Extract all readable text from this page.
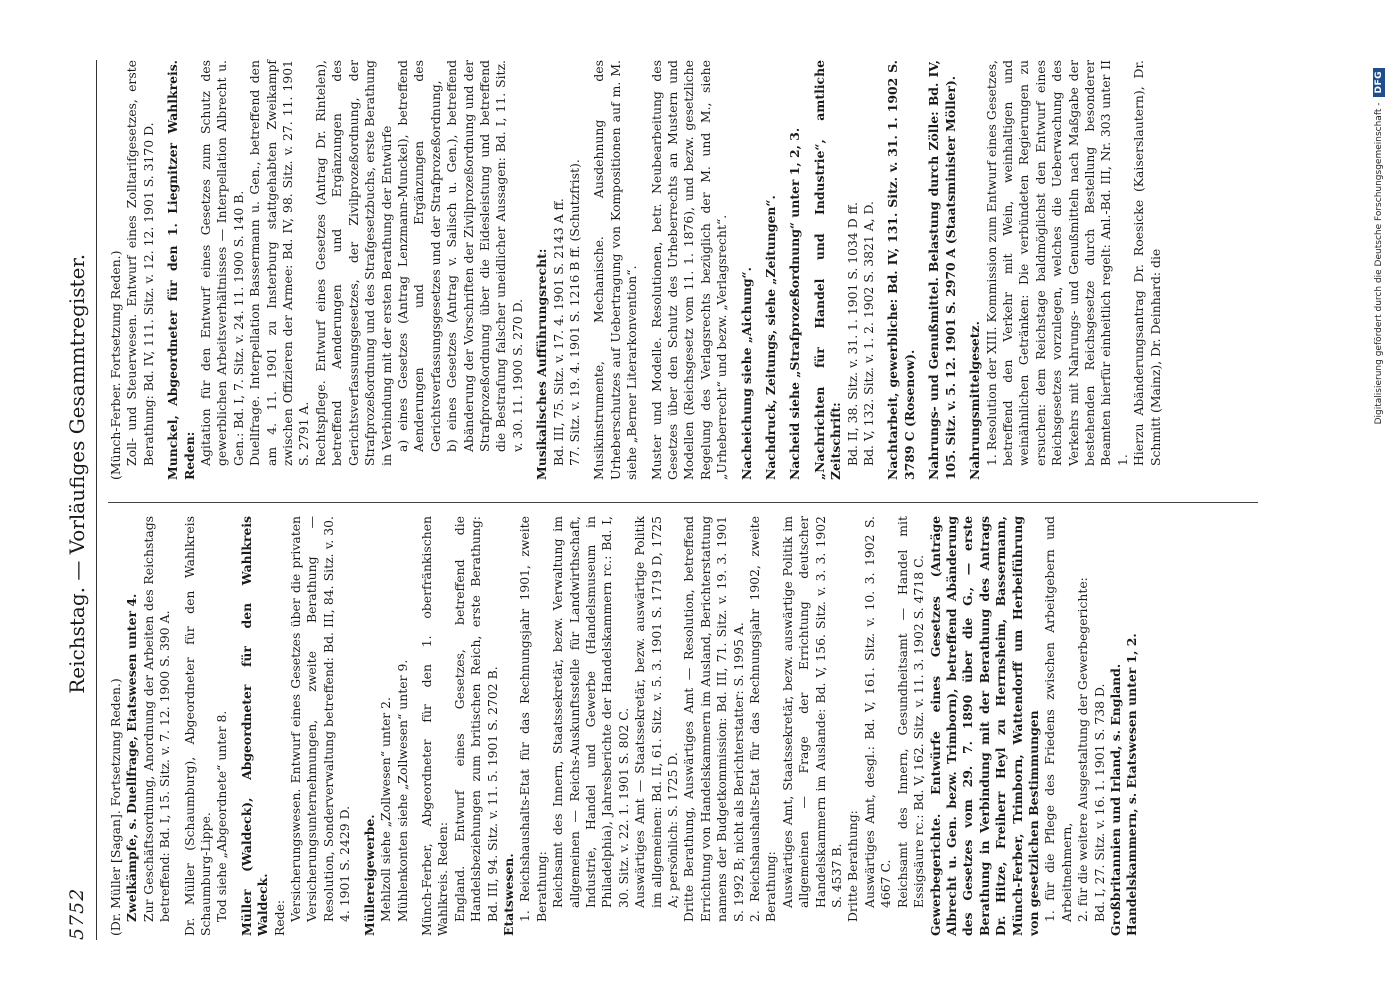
5752
Reichstag. — Vorläufiges Gesammtregister.

(Dr. Müller [Sagan]. Fortsetzung Reden.) Zweikämpfe, s. Duellfrage, Etatswesen unter 4. Zur Geschäftsordnung, Anordnung der Arbeiten des Reichstags betreffend: Bd. I, 15. Sitz. v. 7. 12. 1900 S. 390 A. Dr. Müller (Schaumburg), Abgeordneter für den Wahlkreis Schaumburg-Lippe. Tod siehe „Abgeordnete“ unter 8. Müller (Waldeck), Abgeordneter für den Wahlkreis Waldeck. Rede: Versicherungswesen. Entwurf eines Gesetzes über die privaten Versicherungsunternehmungen, zweite Berathung — Resolution, Sonderverwaltung betreffend: Bd. III, 84. Sitz. v. 30. 4. 1901 S. 2429 D. Müllereigewerbe. Mehlzoll siehe „Zollwesen“ unter 2. Mühlenkonten siehe „Zollwesen“ unter 9. Münch-Ferber, Abgeordneter für den 1. oberfränkischen Wahlkreis. Reden: England. Entwurf eines Gesetzes, betreffend die Handelsbeziehungen zum britischen Reich, erste Berathung: Bd. III, 94. Sitz. v. 11. 5. 1901 S. 2702 B. Etatswesen. 1. Reichshaushalts-Etat für das Rechnungsjahr 1901, zweite Berathung: Reichsamt des Innern, Staatssekretär, bezw. Verwaltung im allgemeinen — Reichs-Auskunftsstelle für Landwirthschaft, Industrie, Handel und Gewerbe (Handelsmuseum in Philadelphia), Jahresberichte der Handelskammern rc.: Bd. I, 30. Sitz. v. 22. 1. 1901 S. 802 C. Auswärtiges Amt — Staatssekretär, bezw. auswärtige Politik im allgemeinen: Bd. II, 61. Sitz. v. 5. 3. 1901 S. 1719 D, 1725 A; persönlich: S. 1725 D. Dritte Berathung, Auswärtiges Amt — Resolution, betreffend Errichtung von Handelskammern im Ausland, Berichterstattung namens der Budgetkommission: Bd. III, 71. Sitz. v. 19. 3. 1901 S. 1992 B; nicht als Berichterstatter: S. 1995 A. 2. Reichshaushalts-Etat für das Rechnungsjahr 1902, zweite Berathung: Auswärtiges Amt, Staatssekretär, bezw. auswärtige Politik im allgemeinen — Frage der Errichtung deutscher Handelskammern im Auslande: Bd. V, 156. Sitz. v. 3. 3. 1902 S. 4537 B. Dritte Berathung: Auswärtiges Amt, desgl.: Bd. V, 161. Sitz. v. 10. 3. 1902 S. 4667 C. Reichsamt des Innern, Gesundheitsamt — Handel mit Essigsäure rc.: Bd. V, 162. Sitz. v. 11. 3. 1902 S. 4718 C. Gewerbegerichte. Entwürfe eines Gesetzes (Anträge Albrecht u. Gen. bezw. Trimborn), betreffend Abänderung des Gesetzes vom 29. 7. 1890 über die G., — erste Berathung in Verbindung mit der Berathung des Antrags Dr. Hitze, Freiherr Heyl zu Herrnsheim, Bassermann, Münch-Ferber, Trimborn, Wattendorff um Herbeiführung von gesetzlichen Bestimmungen 1. für die Pflege des Friedens zwischen Arbeitgebern und Arbeitnehmern, 2. für die weitere Ausgestaltung der Gewerbegerichte: Bd. I, 27. Sitz. v. 16. 1. 1901 S. 738 D. Großbritannien und Irland, s. England. Handelskammern, s. Etatswesen unter 1, 2.

(Münch-Ferber. Fortsetzung Reden.) Zoll- und Steuerwesen. Entwurf eines Zolltarifgesetzes, erste Berathung: Bd. IV, 111. Sitz. v. 12. 12. 1901 S. 3170 D. Munckel, Abgeordneter für den 1. Liegnitzer Wahlkreis. Reden: Agitation für den Entwurf eines Gesetzes zum Schutz des gewerblichen Arbeitsverhältnisses — Interpellation Albrecht u. Gen.: Bd. I, 7. Sitz. v. 24. 11. 1900 S. 140 B. Duellfrage. Interpellation Bassermann u. Gen., betreffend den am 4. 11. 1901 zu Insterburg stattgehabten Zweikampf zwischen Offizieren der Armee: Bd. IV, 98. Sitz. v. 27. 11. 1901 S. 2791 A. Rechtspflege. Entwurf eines Gesetzes (Antrag Dr. Rintelen), betreffend Aenderungen und Ergänzungen des Gerichtsverfassungsgesetzes, der Zivilprozeßordnung, der Strafprozeßordnung und des Strafgesetzbuchs, erste Berathung in Verbindung mit der ersten Berathung der Entwürfe a) eines Gesetzes (Antrag Lenzmann-Munckel), betreffend Aenderungen und Ergänzungen des Gerichtsverfassungsgesetzes und der Strafprozeßordnung, b) eines Gesetzes (Antrag v. Salisch u. Gen.), betreffend Abänderung der Vorschriften der Zivilprozeßordnung und der Strafprozeßordnung über die Eidesleistung und betreffend die Bestrafung falscher uneidlicher Aussagen: Bd. I, 11. Sitz. v. 30. 11. 1900 S. 270 D. Musikalisches Aufführungsrecht: Bd. III, 75. Sitz. v. 17. 4. 1901 S. 2143 A ff. 77. Sitz. v. 19. 4. 1901 S. 1216 B ff. (Schutzfrist). Musikinstrumente, Mechanische. Ausdehnung des Urheberschutzes auf Uebertragung von Kompositionen auf m. M. siehe „Berner Literarkonvention“. Muster und Modelle. Resolutionen, betr. Neubearbeitung des Gesetzes über den Schutz des Urheberrechts an Mustern und Modellen (Reichsgesetz vom 11. 1. 1876), und bezw. gesetzliche Regelung des Verlagsrechts bezüglich der M. und M., siehe „Urheberrecht“ und bezw. „Verlagsrecht“. Nacheichung siehe „Aichung“. Nachdruck, Zeitungs, siehe „Zeitungen“. Nacheid siehe „Strafprozeßordnung“ unter 1, 2, 3. „Nachrichten für Handel und Industrie“, amtliche Zeitschrift: Bd. II, 38. Sitz. v. 31. 1. 1901 S. 1034 D ff. Bd. V, 132. Sitz. v. 1. 2. 1902 S. 3821 A, D. Nachtarbeit, gewerbliche: Bd. IV, 131. Sitz. v. 31. 1. 1902 S. 3789 C (Rosenow). Nahrungs- und Genußmittel. Belastung durch Zölle: Bd. IV, 105. Sitz. v. 5. 12. 1901 S. 2970 A (Staatsminister Möller). Nahrungsmittelgesetz. 1. Resolution der XIII. Kommission zum Entwurf eines Gesetzes, betreffend den Verkehr mit Wein, weinhaltigen und weinähnlichen Getränken: Die verbündeten Regierungen zu ersuchen: dem Reichstage baldmöglichst den Entwurf eines Reichsgesetzes vorzulegen, welches die Ueberwachung des Verkehrs mit Nahrungs- und Genußmitteln nach Maßgabe der bestehenden Reichsgesetze durch Bestellung besonderer Beamten hierfür einheitlich regelt: Anl.-Bd. III, Nr. 303 unter II 1. Hierzu Abänderungsantrag Dr. Roesicke (Kaiserslautern), Dr. Schmitt (Mainz), Dr. Deinhard: die	Digitalisierung gefördert durch die Deutsche Forschungsgemeinschaft -
DFG
